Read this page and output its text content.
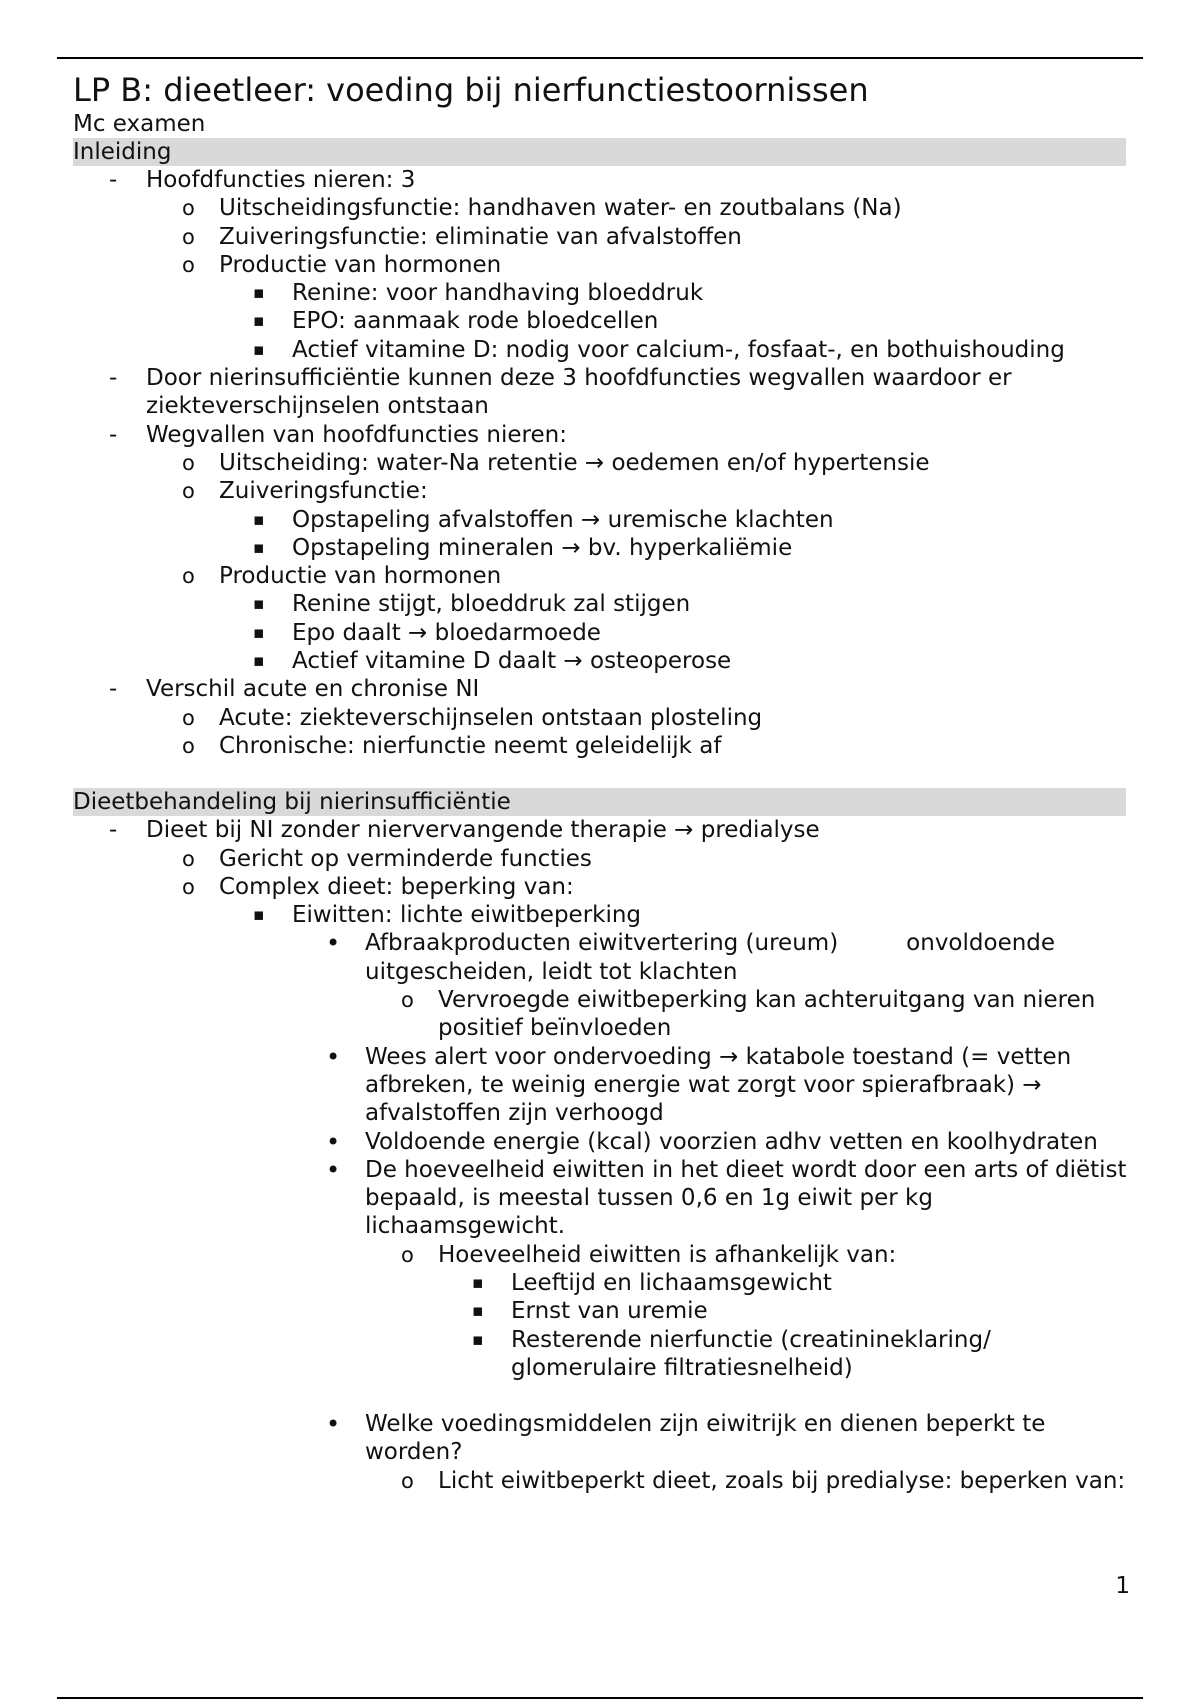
LP B: dieetleer: voeding bij nierfunctiestoornissen
Mc examen
Inleiding
-	Hoofdfuncties nieren: 3
o	Uitscheidingsfunctie: handhaven water- en zoutbalans (Na)
o	Zuiveringsfunctie: eliminatie van afvalstoffen
o	Productie van hormonen
▪	Renine: voor handhaving bloeddruk
▪	EPO: aanmaak rode bloedcellen
▪	Actief vitamine D: nodig voor calcium-, fosfaat-, en bothuishouding
-	Door nierinsufficiëntie kunnen deze 3 hoofdfuncties wegvallen waardoor er ziekteverschijnselen ontstaan
-	Wegvallen van hoofdfuncties nieren:
o	Uitscheiding: water-Na retentie → oedemen en/of hypertensie
o	Zuiveringsfunctie:
▪	Opstapeling afvalstoffen → uremische klachten
▪	Opstapeling mineralen → bv. hyperkaliëmie
o	Productie van hormonen
▪	Renine stijgt, bloeddruk zal stijgen
▪	Epo daalt → bloedarmoede
▪	Actief vitamine D daalt → osteoperose
-	Verschil acute en chronise NI
o	Acute: ziekteverschijnselen ontstaan plosteling
o	Chronische: nierfunctie neemt geleidelijk af
Dieetbehandeling bij nierinsufficiëntie
-	Dieet bij NI zonder niervervangende therapie → predialyse
o	Gericht op verminderde functies
o	Complex dieet: beperking van:
▪	Eiwitten: lichte eiwitbeperking
• Afbraakproducten eiwitvertering (ureum)	onvoldoende
uitgescheiden, leidt tot klachten
o	Vervroegde eiwitbeperking kan achteruitgang van nieren positief beïnvloeden
• Wees alert voor ondervoeding → katabole toestand (= vetten afbreken, te weinig energie wat zorgt voor spierafbraak) → afvalstoffen zijn verhoogd
• Voldoende energie (kcal) voorzien adhv vetten en koolhydraten
• De hoeveelheid eiwitten in het dieet wordt door een arts of diëtist bepaald, is meestal tussen 0,6 en 1g eiwit per kg lichaamsgewicht.
o	Hoeveelheid eiwitten is afhankelijk van:
▪	Leeftijd en lichaamsgewicht
▪	Ernst van uremie
▪	Resterende nierfunctie (creatinineklaring/ glomerulaire filtratiesnelheid)
• Welke voedingsmiddelen zijn eiwitrijk en dienen beperkt te worden?
o	Licht eiwitbeperkt dieet, zoals bij predialyse: beperken van:
1
